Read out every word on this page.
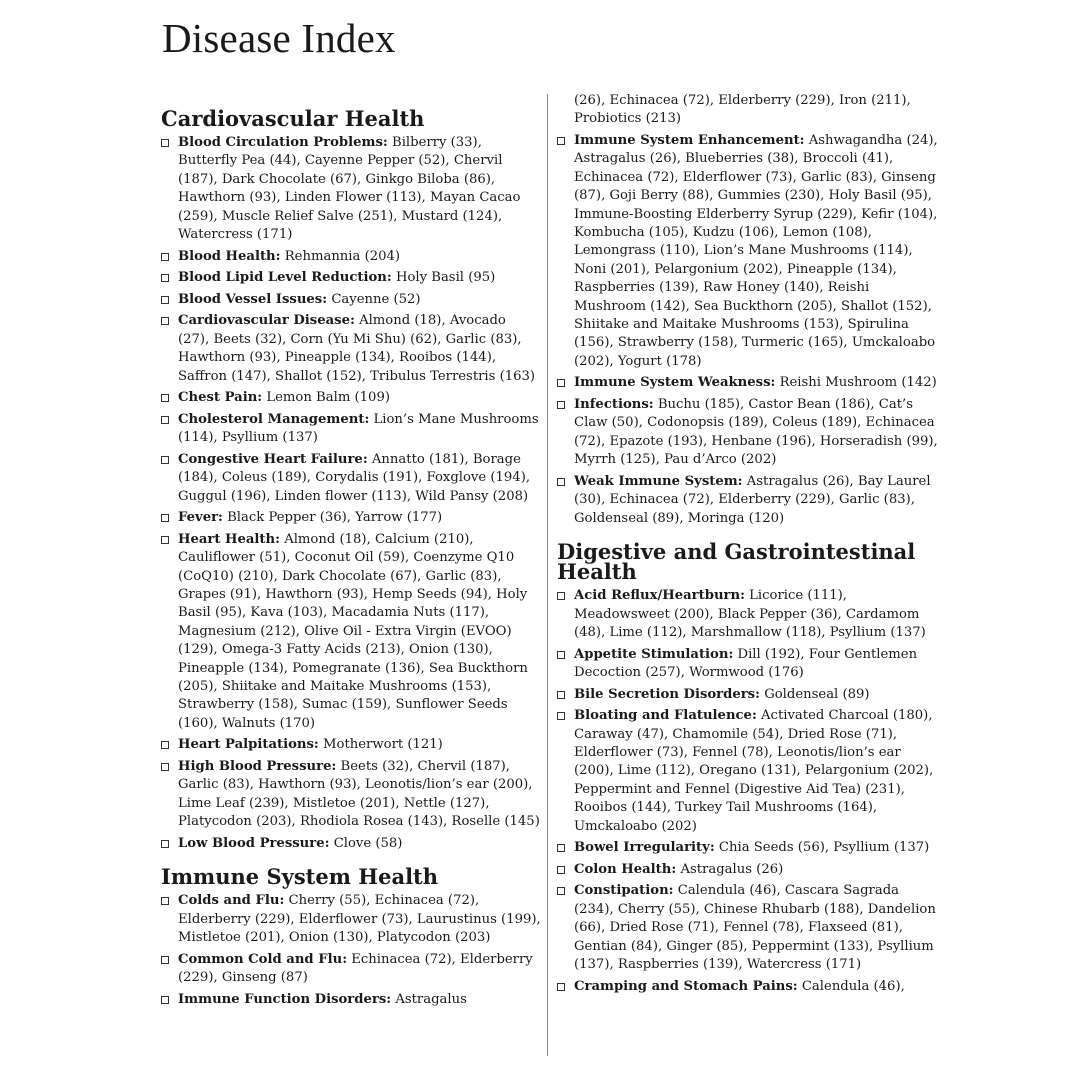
Disease Index
Cardiovascular Health
Blood Circulation Problems: Bilberry (33), Butterfly Pea (44), Cayenne Pepper (52), Chervil (187), Dark Chocolate (67), Ginkgo Biloba (86), Hawthorn (93), Linden Flower (113), Mayan Cacao (259), Muscle Relief Salve (251), Mustard (124), Watercress (171)
Blood Health: Rehmannia (204)
Blood Lipid Level Reduction: Holy Basil (95)
Blood Vessel Issues: Cayenne (52)
Cardiovascular Disease: Almond (18), Avocado (27), Beets (32), Corn (Yu Mi Shu) (62), Garlic (83), Hawthorn (93), Pineapple (134), Rooibos (144), Saffron (147), Shallot (152), Tribulus Terrestris (163)
Chest Pain: Lemon Balm (109)
Cholesterol Management: Lion’s Mane Mushrooms (114), Psyllium (137)
Congestive Heart Failure: Annatto (181), Borage (184), Coleus (189), Corydalis (191), Foxglove (194), Guggul (196), Linden flower (113), Wild Pansy (208)
Fever: Black Pepper (36), Yarrow (177)
Heart Health: Almond (18), Calcium (210), Cauliflower (51), Coconut Oil (59), Coenzyme Q10 (CoQ10) (210), Dark Chocolate (67), Garlic (83), Grapes (91), Hawthorn (93), Hemp Seeds (94), Holy Basil (95), Kava (103), Macadamia Nuts (117), Magnesium (212), Olive Oil - Extra Virgin (EVOO) (129), Omega-3 Fatty Acids (213), Onion (130), Pineapple (134), Pomegranate (136), Sea Buckthorn (205), Shiitake and Maitake Mushrooms (153), Strawberry (158), Sumac (159), Sunflower Seeds (160), Walnuts (170)
Heart Palpitations: Motherwort (121)
High Blood Pressure: Beets (32), Chervil (187), Garlic (83), Hawthorn (93), Leonotis/lion’s ear (200), Lime Leaf (239), Mistletoe (201), Nettle (127), Platycodon (203), Rhodiola Rosea (143), Roselle (145)
Low Blood Pressure: Clove (58)
Immune System Health
Colds and Flu: Cherry (55), Echinacea (72), Elderberry (229), Elderflower (73), Laurustinus (199), Mistletoe (201), Onion (130), Platycodon (203)
Common Cold and Flu: Echinacea (72), Elderberry (229), Ginseng (87)
Immune Function Disorders: Astragalus
(26), Echinacea (72), Elderberry (229), Iron (211), Probiotics (213)
Immune System Enhancement: Ashwagandha (24), Astragalus (26), Blueberries (38), Broccoli (41), Echinacea (72), Elderflower (73), Garlic (83), Ginseng (87), Goji Berry (88), Gummies (230), Holy Basil (95), Immune-Boosting Elderberry Syrup (229), Kefir (104), Kombucha (105), Kudzu (106), Lemon (108), Lemongrass (110), Lion’s Mane Mushrooms (114), Noni (201), Pelargonium (202), Pineapple (134), Raspberries (139), Raw Honey (140), Reishi Mushroom (142), Sea Buckthorn (205), Shallot (152), Shiitake and Maitake Mushrooms (153), Spirulina (156), Strawberry (158), Turmeric (165), Umckaloabo (202), Yogurt (178)
Immune System Weakness: Reishi Mushroom (142)
Infections: Buchu (185), Castor Bean (186), Cat’s Claw (50), Codonopsis (189), Coleus (189), Echinacea (72), Epazote (193), Henbane (196), Horseradish (99), Myrrh (125), Pau d’Arco (202)
Weak Immune System: Astragalus (26), Bay Laurel (30), Echinacea (72), Elderberry (229), Garlic (83), Goldenseal (89), Moringa (120)
Digestive and Gastrointestinal Health
Acid Reflux/Heartburn: Licorice (111), Meadowsweet (200), Black Pepper (36), Cardamom (48), Lime (112), Marshmallow (118), Psyllium (137)
Appetite Stimulation: Dill (192), Four Gentlemen Decoction (257), Wormwood (176)
Bile Secretion Disorders: Goldenseal (89)
Bloating and Flatulence: Activated Charcoal (180), Caraway (47), Chamomile (54), Dried Rose (71), Elderflower (73), Fennel (78), Leonotis/lion’s ear (200), Lime (112), Oregano (131), Pelargonium (202), Peppermint and Fennel (Digestive Aid Tea) (231), Rooibos (144), Turkey Tail Mushrooms (164), Umckaloabo (202)
Bowel Irregularity: Chia Seeds (56), Psyllium (137)
Colon Health: Astragalus (26)
Constipation: Calendula (46), Cascara Sagrada (234), Cherry (55), Chinese Rhubarb (188), Dandelion (66), Dried Rose (71), Fennel (78), Flaxseed (81), Gentian (84), Ginger (85), Peppermint (133), Psyllium (137), Raspberries (139), Watercress (171)
Cramping and Stomach Pains: Calendula (46),
